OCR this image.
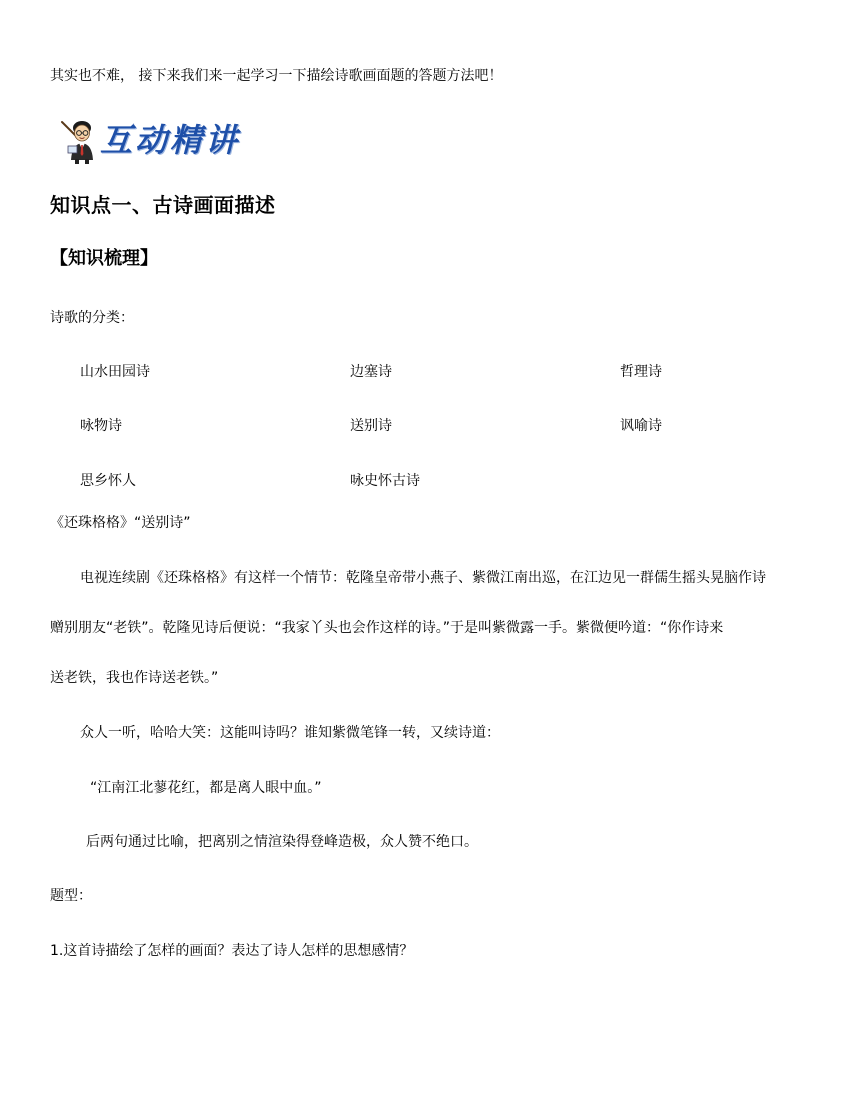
其实也不难， 接下来我们来一起学习一下描绘诗歌画面题的答题方法吧！
互动精讲
知识点一、古诗画面描述
【知识梳理】
诗歌的分类：
山水田园诗	边塞诗	哲理诗
咏物诗	送别诗	讽喻诗
思乡怀人	咏史怀古诗
《还珠格格》“送别诗”
电视连续剧《还珠格格》有这样一个情节：乾隆皇帝带小燕子、紫微江南出巡，在江边见一群儒生摇头晃脑作诗
赠别朋友“老铁”。乾隆见诗后便说：“我家丫头也会作这样的诗。”于是叫紫微露一手。紫微便吟道：“你作诗来
送老铁，我也作诗送老铁。”
众人一听，哈哈大笑：这能叫诗吗？谁知紫微笔锋一转，又续诗道：
“江南江北蓼花红，都是离人眼中血。”
后两句通过比喻，把离别之情渲染得登峰造极，众人赞不绝口。
题型：
1.这首诗描绘了怎样的画面？表达了诗人怎样的思想感情？
